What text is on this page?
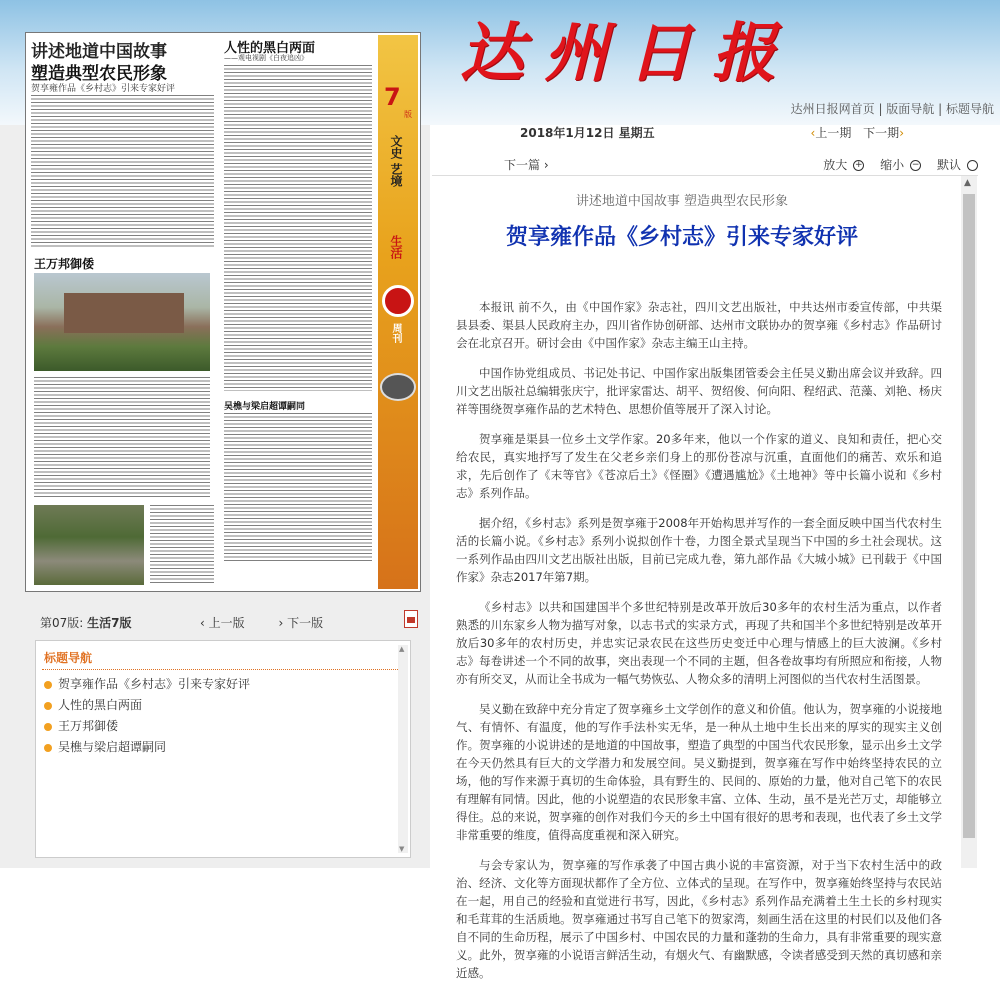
达州日报
达州日报网首页 | 版面导航 | 标题导航
2018年1月12日 星期五	‹上一期 下一期›
讲述地道中国故事
塑造典型农民形象
贺享雍作品《乡村志》引来专家好评
人性的黑白两面
——观电视剧《白夜追凶》
王万邦御倭
吴樵与梁启超谭嗣同
7
版
文史 艺境
生活
周刊
第07版: 生活7版	‹ 上一版	› 下一版
标题导航
贺享雍作品《乡村志》引来专家好评
人性的黑白两面
王万邦御倭
吴樵与梁启超谭嗣同
▲ ▼
下一篇 ›	放大 + 缩小 − 默认
讲述地道中国故事 塑造典型农民形象
贺享雍作品《乡村志》引来专家好评

本报讯 前不久，由《中国作家》杂志社，四川文艺出版社，中共达州市委宣传部，中共渠县县委、渠县人民政府主办，四川省作协创研部、达州市文联协办的贺享雍《乡村志》作品研讨会在北京召开。研讨会由《中国作家》杂志主编王山主持。

中国作协党组成员、书记处书记、中国作家出版集团管委会主任吴义勤出席会议并致辞。四川文艺出版社总编辑张庆宁，批评家雷达、胡平、贺绍俊、何向阳、程绍武、范藻、刘艳、杨庆祥等围绕贺享雍作品的艺术特色、思想价值等展开了深入讨论。

贺享雍是渠县一位乡土文学作家。20多年来，他以一个作家的道义、良知和责任，把心交给农民，真实地抒写了发生在父老乡亲们身上的那份苍凉与沉重，直面他们的痛苦、欢乐和追求，先后创作了《末等官》《苍凉后土》《怪圈》《遭遇尴尬》《土地神》等中长篇小说和《乡村志》系列作品。

据介绍，《乡村志》系列是贺享雍于2008年开始构思并写作的一套全面反映中国当代农村生活的长篇小说。《乡村志》系列小说拟创作十卷，力图全景式呈现当下中国的乡土社会现状。这一系列作品由四川文艺出版社出版，目前已完成九卷，第九部作品《大城小城》已刊载于《中国作家》杂志2017年第7期。

《乡村志》以共和国建国半个多世纪特别是改革开放后30多年的农村生活为重点，以作者熟悉的川东家乡人物为描写对象，以志书式的实录方式，再现了共和国半个多世纪特别是改革开放后30多年的农村历史，并忠实记录农民在这些历史变迁中心理与情感上的巨大波澜。《乡村志》每卷讲述一个不同的故事，突出表现一个不同的主题，但各卷故事均有所照应和衔接，人物亦有所交叉，从而让全书成为一幅气势恢弘、人物众多的清明上河图似的当代农村生活图景。

吴义勤在致辞中充分肯定了贺享雍乡土文学创作的意义和价值。他认为，贺享雍的小说接地气、有情怀、有温度，他的写作手法朴实无华，是一种从土地中生长出来的厚实的现实主义创作。贺享雍的小说讲述的是地道的中国故事，塑造了典型的中国当代农民形象，显示出乡土文学在今天仍然具有巨大的文学潜力和发展空间。吴义勤提到，贺享雍在写作中始终坚持农民的立场，他的写作来源于真切的生命体验，具有野生的、民间的、原始的力量，他对自己笔下的农民有理解有同情。因此，他的小说塑造的农民形象丰富、立体、生动，虽不是光芒万丈，却能够立得住。总的来说，贺享雍的创作对我们今天的乡土中国有很好的思考和表现，也代表了乡土文学非常重要的维度，值得高度重视和深入研究。

与会专家认为，贺享雍的写作承袭了中国古典小说的丰富资源，对于当下农村生活中的政治、经济、文化等方面现状都作了全方位、立体式的呈现。在写作中，贺享雍始终坚持与农民站在一起，用自己的经验和直觉进行书写，因此，《乡村志》系列作品充满着土生土长的乡村现实和毛茸茸的生活质地。贺享雍通过书写自己笔下的贺家湾，刻画生活在这里的村民们以及他们各自不同的生命历程，展示了中国乡村、中国农民的力量和蓬勃的生命力，具有非常重要的现实意义。此外，贺享雍的小说语言鲜活生动，有烟火气、有幽默感，令读者感受到天然的真切感和亲近感。

▲
